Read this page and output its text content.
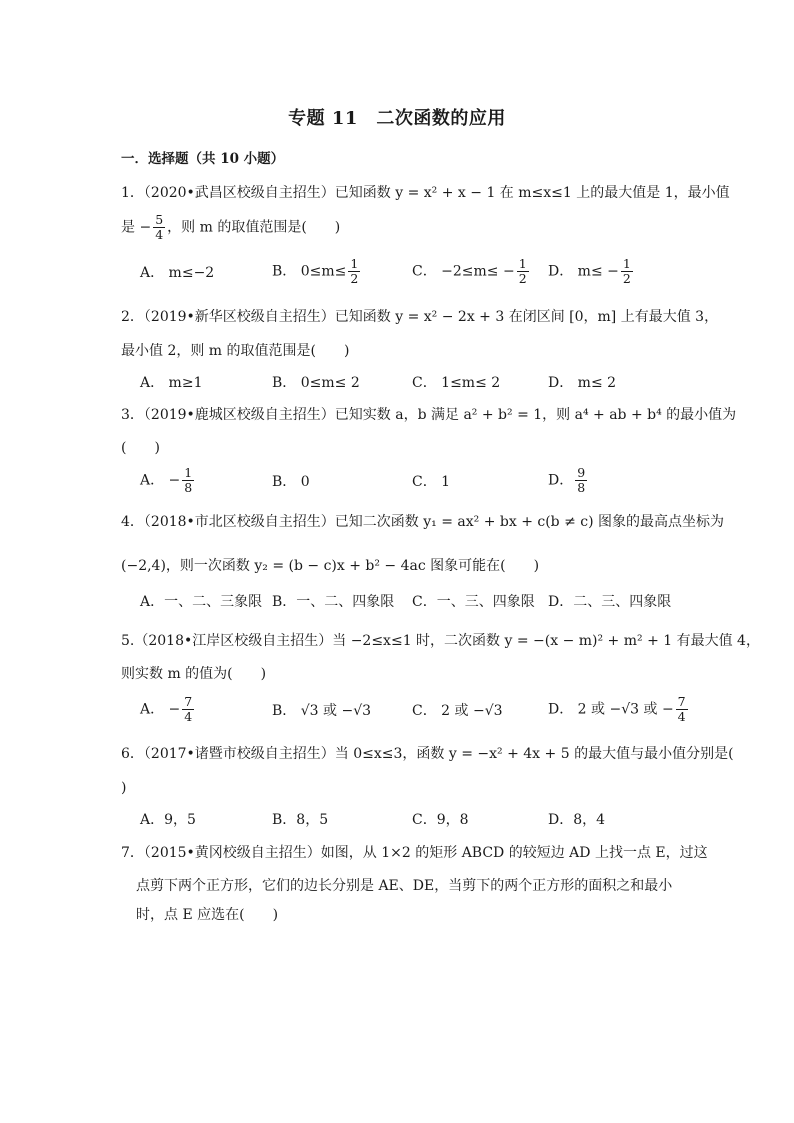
专题 11　二次函数的应用
一．选择题（共 10 小题）
1．（2020•武昌区校级自主招生）已知函数 y = x² + x − 1 在 m≤x≤1 上的最大值是 1，最小值
是 − $\frac{5}{4}$ ，则 m 的取值范围是(　　)
A． m≤−2	B． $0\le m\le \frac{1}{2}$	C． $-2\le m\le - \frac{1}{2}$ D． $m\le - \frac{1}{2}$
2．（2019•新华区校级自主招生）已知函数 y = x² − 2x + 3 在闭区间 [0，m] 上有最大值 3，
最小值 2，则 m 的取值范围是(　　)
A． m≥1	B． 0≤m≤ 2	C． 1≤m≤ 2	D． m≤ 2
3．（2019•鹿城区校级自主招生）已知实数 a，b 满足 a² + b² = 1，则 a⁴ + ab + b⁴ 的最小值为
(　　)
A． − $\frac{1}{8}$	B． 0	C． 1	D． $\frac{9}{8}$
4．（2018•市北区校级自主招生）已知二次函数 y₁ = ax² + bx + c(b ≠ c) 图象的最高点坐标为
(−2,4)，则一次函数 y₂ = (b − c)x + b² − 4ac 图象可能在(　　)
A．一、二、三象限 B．一、二、四象限 C．一、三、四象限 D．二、三、四象限
5.（2018•江岸区校级自主招生）当 −2≤x≤1 时，二次函数 y = −(x − m)² + m² + 1 有最大值 4，
则实数 m 的值为(　　)
A． − $\frac{7}{4}$	B． √3 或 −√3	C． 2 或 −√3	D． 2 或 −√3 或 − $\frac{7}{4}$
6．（2017•诸暨市校级自主招生）当 0≤x≤3，函数 y = −x² + 4x + 5 的最大值与最小值分别是(
)
A．9，5	B．8，5	C．9，8	D．8，4
7．（2015•黄冈校级自主招生）如图，从 1×2 的矩形 ABCD 的较短边 AD 上找一点 E，过这
点剪下两个正方形，它们的边长分别是 AE、DE，当剪下的两个正方形的面积之和最小
时，点 E 应选在(　　)
